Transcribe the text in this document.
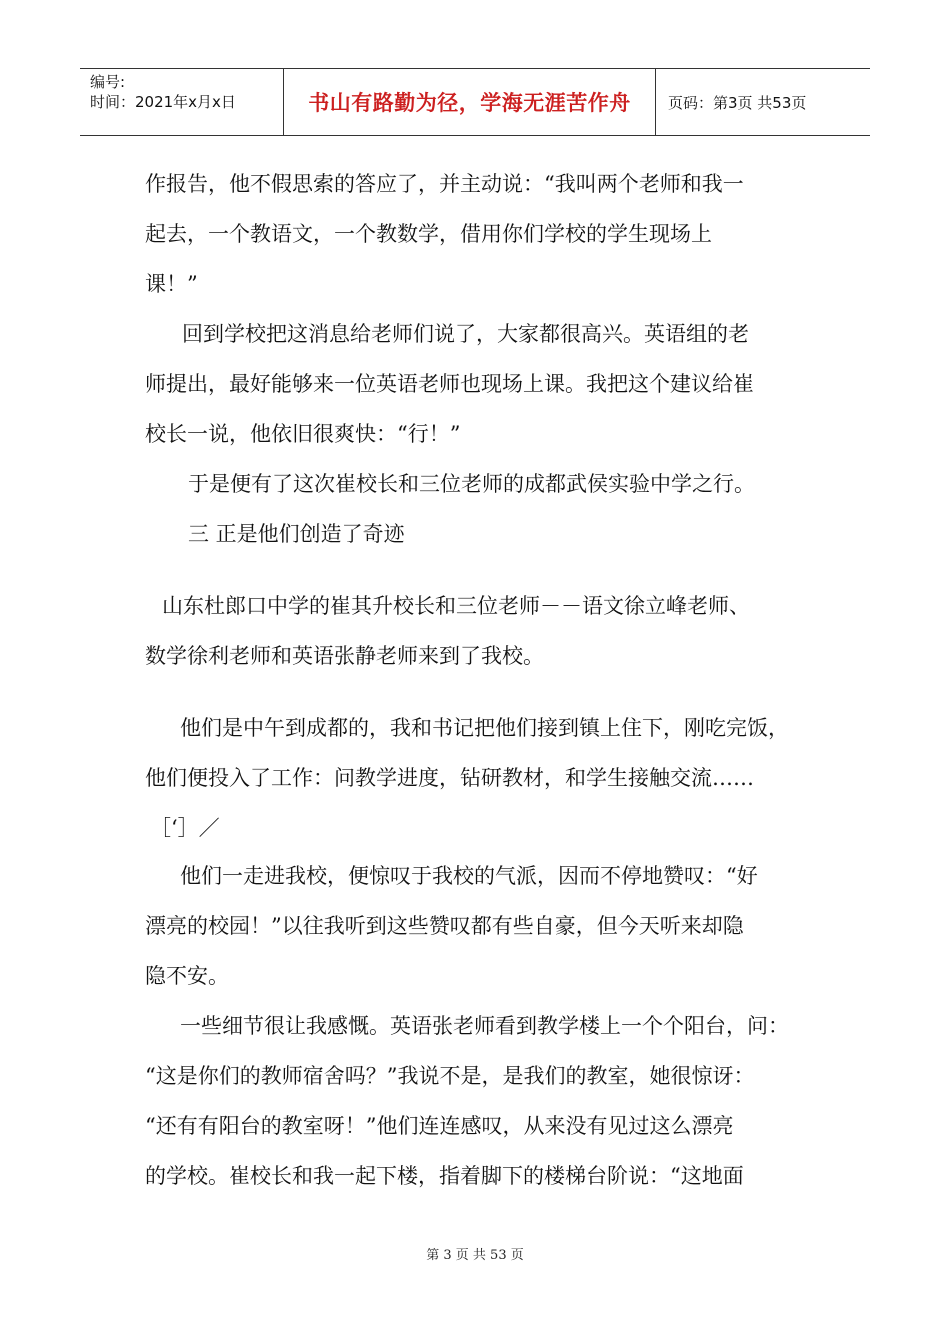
编号:
时间：2021年x月x日	书山有路勤为径，学海无涯苦作舟	页码：第3页 共53页
作报告，他不假思索的答应了，并主动说：“我叫两个老师和我一
起去，一个教语文，一个教数学，借用你们学校的学生现场上
课！”
回到学校把这消息给老师们说了，大家都很高兴。英语组的老
师提出，最好能够来一位英语老师也现场上课。我把这个建议给崔
校长一说，他依旧很爽快：“行！”
于是便有了这次崔校长和三位老师的成都武侯实验中学之行。
三 正是他们创造了奇迹
山东杜郎口中学的崔其升校长和三位老师－－语文徐立峰老师、
数学徐利老师和英语张静老师来到了我校。
他们是中午到成都的，我和书记把他们接到镇上住下，刚吃完饭，
他们便投入了工作：问教学进度，钻研教材，和学生接触交流……
［‘］／
他们一走进我校，便惊叹于我校的气派，因而不停地赞叹：“好
漂亮的校园！”以往我听到这些赞叹都有些自豪，但今天听来却隐
隐不安。
一些细节很让我感慨。英语张老师看到教学楼上一个个阳台，问：
“这是你们的教师宿舍吗？”我说不是，是我们的教室，她很惊讶：
“还有有阳台的教室呀！”他们连连感叹，从来没有见过这么漂亮
的学校。崔校长和我一起下楼，指着脚下的楼梯台阶说：“这地面
第 3 页 共 53 页
